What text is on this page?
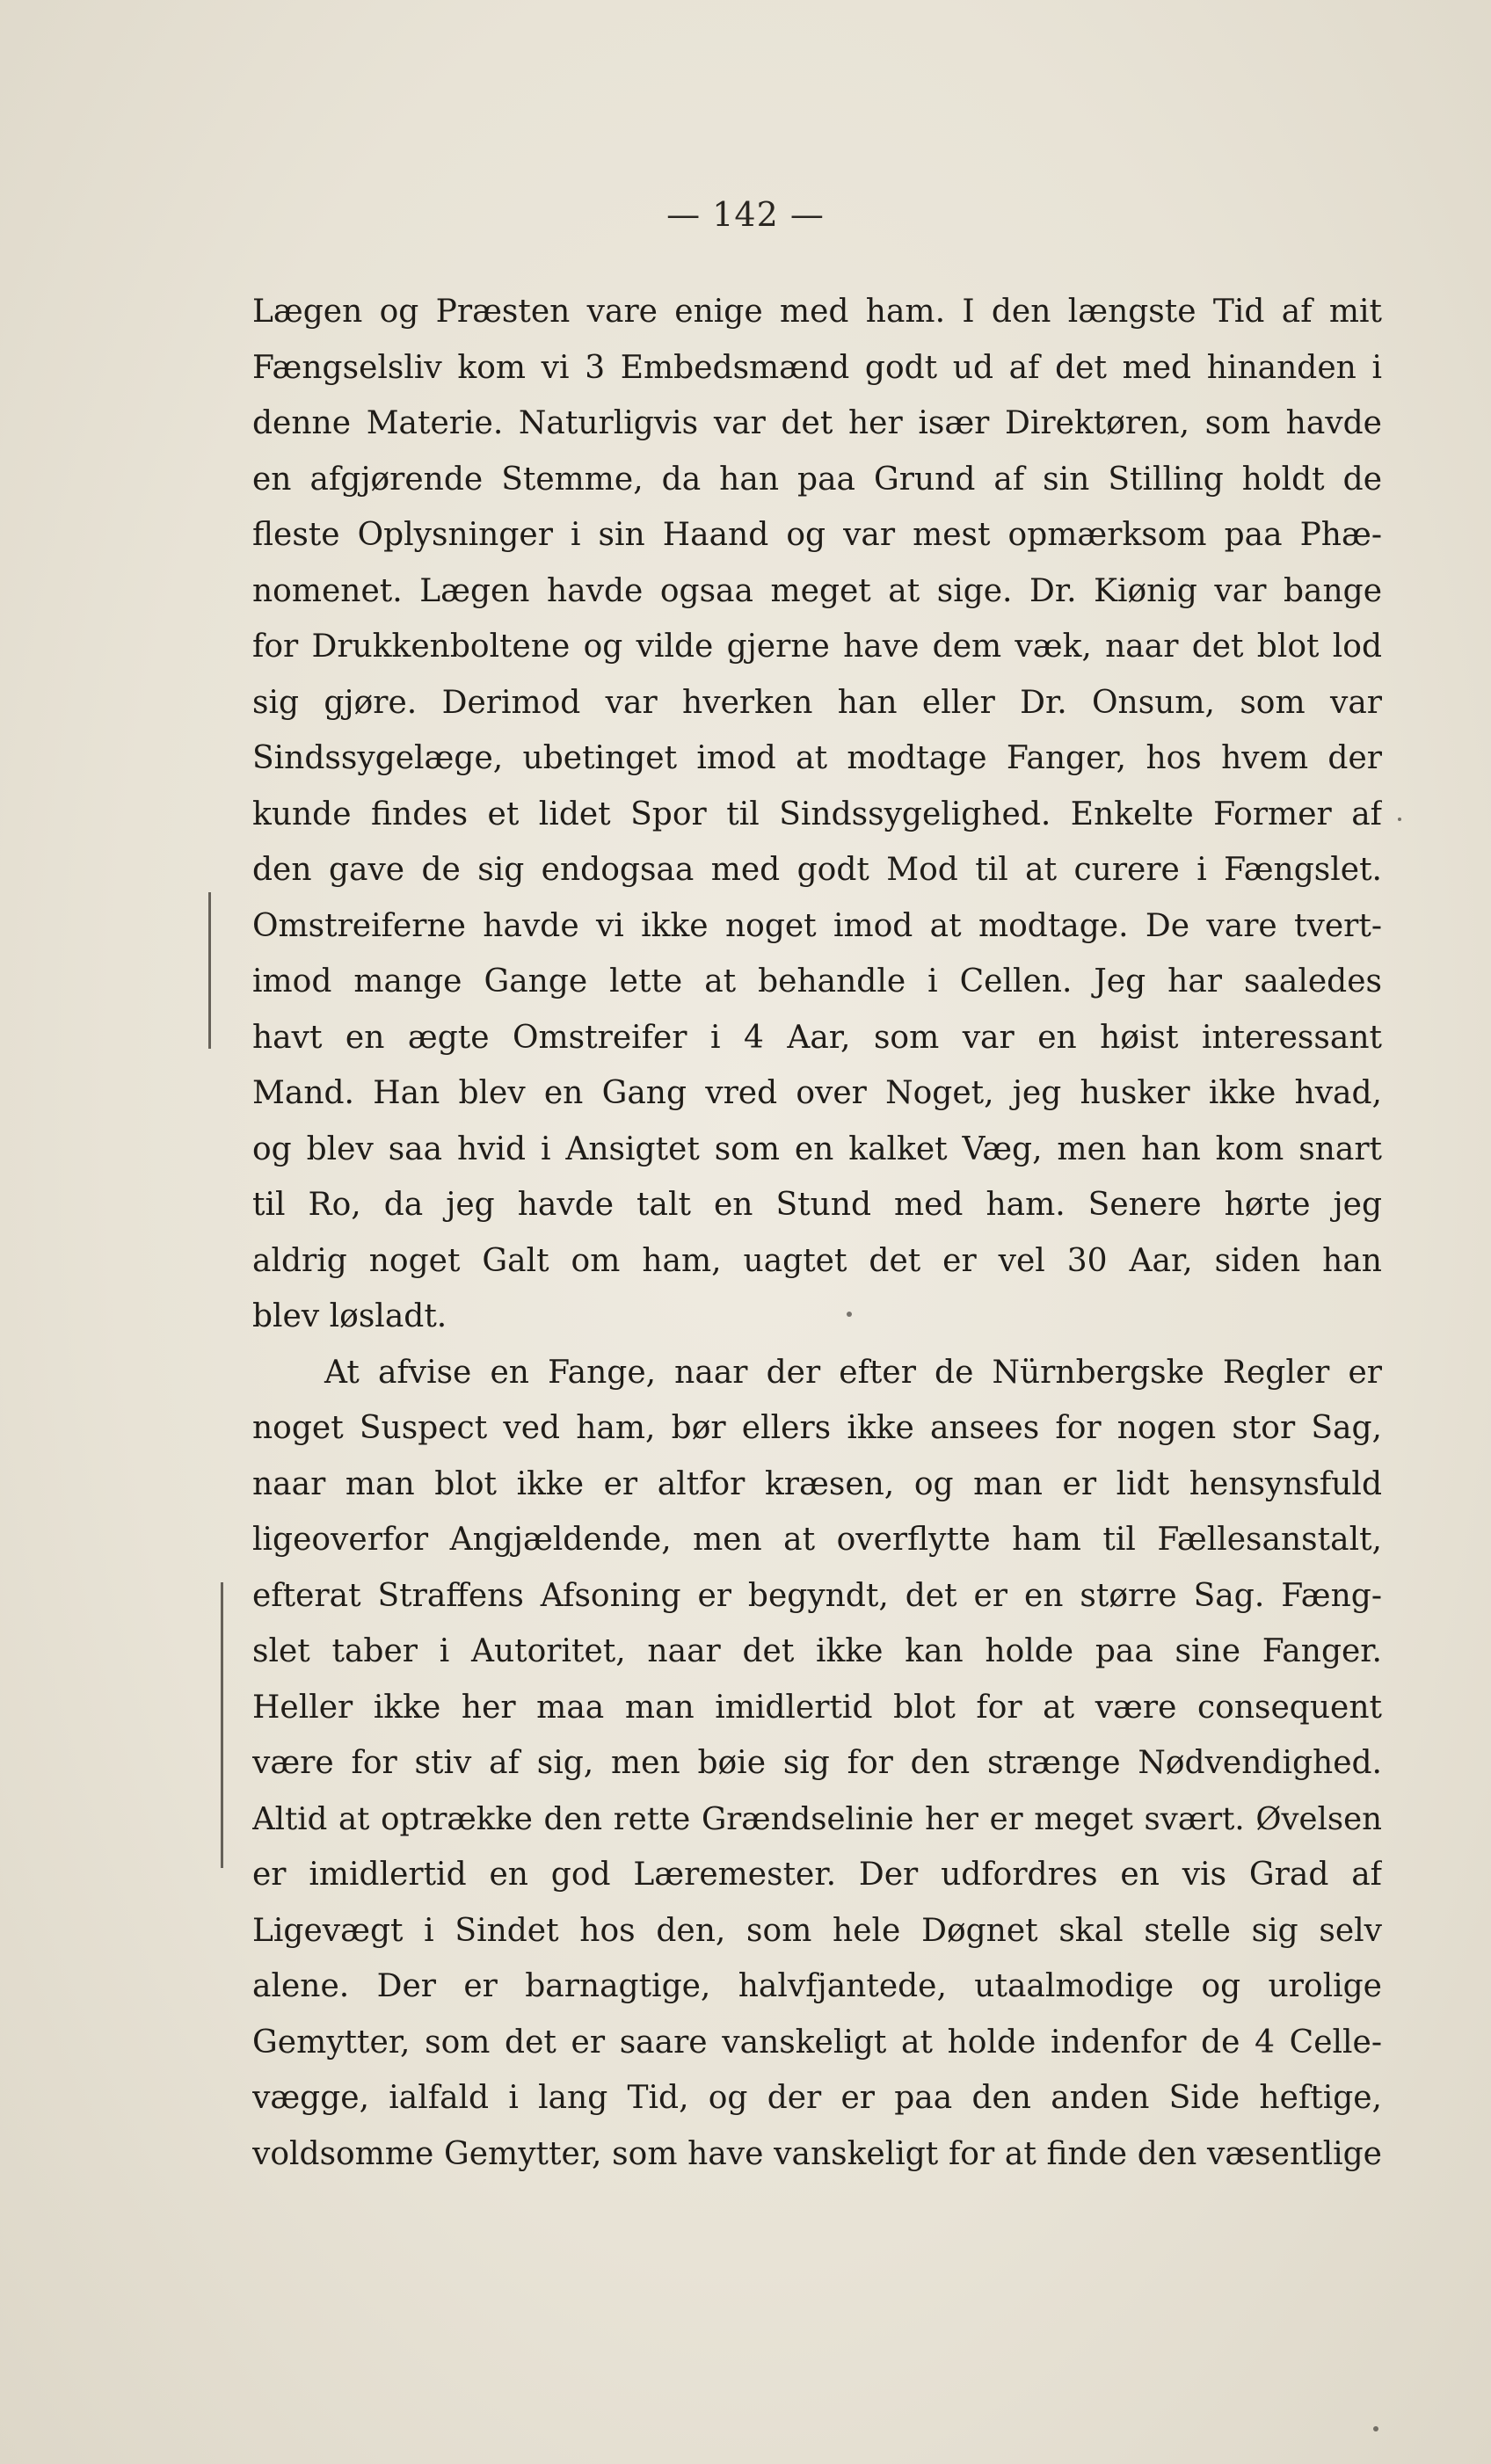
— 142 —
Lægen og Præsten vare enige med ham. I den længste Tid af mit
Fængselsliv kom vi 3 Embedsmænd godt ud af det med hinanden i
denne Materie. Naturligvis var det her især Direktøren, som havde
en afgjørende Stemme, da han paa Grund af sin Stilling holdt de
fleste Oplysninger i sin Haand og var mest opmærksom paa Phæ-
nomenet. Lægen havde ogsaa meget at sige. Dr. Kiønig var bange
for Drukkenboltene og vilde gjerne have dem væk, naar det blot lod
sig gjøre. Derimod var hverken han eller Dr. Onsum, som var
Sindssygelæge, ubetinget imod at modtage Fanger, hos hvem der
kunde findes et lidet Spor til Sindssygelighed. Enkelte Former af
den gave de sig endogsaa med godt Mod til at curere i Fængslet.
Omstreiferne havde vi ikke noget imod at modtage. De vare tvert-
imod mange Gange lette at behandle i Cellen. Jeg har saaledes
havt en ægte Omstreifer i 4 Aar, som var en høist interessant
Mand. Han blev en Gang vred over Noget, jeg husker ikke hvad,
og blev saa hvid i Ansigtet som en kalket Væg, men han kom snart
til Ro, da jeg havde talt en Stund med ham. Senere hørte jeg
aldrig noget Galt om ham, uagtet det er vel 30 Aar, siden han
blev løsladt.
At afvise en Fange, naar der efter de Nürnbergske Regler er
noget Suspect ved ham, bør ellers ikke ansees for nogen stor Sag,
naar man blot ikke er altfor kræsen, og man er lidt hensynsfuld
ligeoverfor Angjældende, men at overflytte ham til Fællesanstalt,
efterat Straffens Afsoning er begyndt, det er en større Sag. Fæng-
slet taber i Autoritet, naar det ikke kan holde paa sine Fanger.
Heller ikke her maa man imidlertid blot for at være consequent
være for stiv af sig, men bøie sig for den strænge Nødvendighed.
Altid at optrække den rette Grændselinie her er meget svært. Øvelsen
er imidlertid en god Læremester. Der udfordres en vis Grad af
Ligevægt i Sindet hos den, som hele Døgnet skal stelle sig selv
alene. Der er barnagtige, halvfjantede, utaalmodige og urolige
Gemytter, som det er saare vanskeligt at holde indenfor de 4 Celle-
vægge, ialfald i lang Tid, og der er paa den anden Side heftige,
voldsomme Gemytter, som have vanskeligt for at finde den væsentlige
